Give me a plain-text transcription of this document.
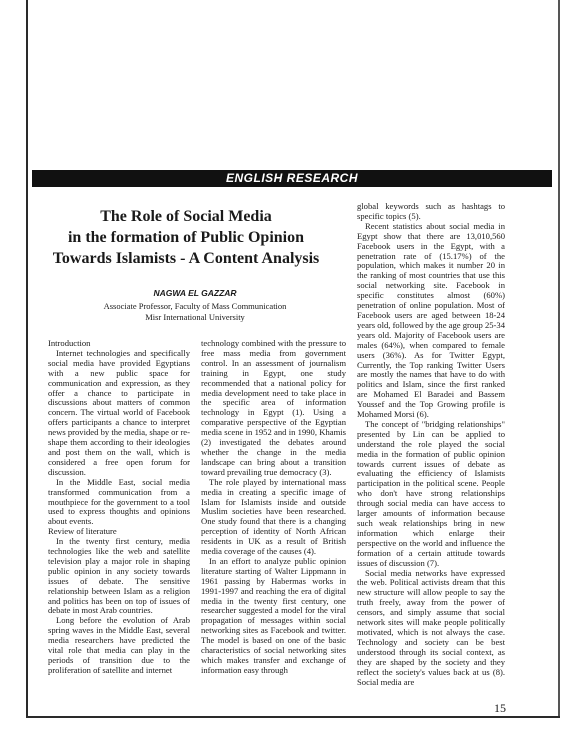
ENGLISH RESEARCH
The Role of Social Media
in the formation of Public Opinion
Towards Islamists - A Content Analysis
NAGWA EL GAZZAR
Associate Professor, Faculty of Mass Communication
Misr International University

Introduction

Internet technologies and specifically social media have provided Egyptians with a new public space for communication and expression, as they offer a chance to participate in discussions about matters of common concern. The virtual world of Facebook offers participants a chance to interpret news provided by the media, shape or re-shape them according to their ideologies and post them on the wall, which is considered a free open forum for discussion.

In the Middle East, social media transformed communication from a mouthpiece for the government to a tool used to express thoughts and opinions about events.

Review of literature

In the twenty first century, media technologies like the web and satellite television play a major role in shaping public opinion in any society towards issues of debate. The sensitive relationship between Islam as a religion and politics has been on top of issues of debate in most Arab countries.

Long before the evolution of Arab spring waves in the Middle East, several media researchers have predicted the vital role that media can play in the periods of transition due to the proliferation of satellite and internet

technology combined with the pressure to free mass media from government control. In an assessment of journalism training in Egypt, one study recommended that a national policy for media development need to take place in the specific area of information technology in Egypt (1). Using a comparative perspective of the Egyptian media scene in 1952 and in 1990, Khamis (2) investigated the debates around whether the change in the media landscape can bring about a transition toward prevailing true democracy (3).

The role played by international mass media in creating a specific image of Islam for Islamists inside and outside Muslim societies have been researched. One study found that there is a changing perception of identity of North African residents in UK as a result of British media coverage of the causes (4).

In an effort to analyze public opinion literature starting of Walter Lippmann in 1961 passing by Habermas works in 1991-1997 and reaching the era of digital media in the twenty first century, one researcher suggested a model for the viral propagation of messages within social networking sites as Facebook and twitter. The model is based on one of the basic characteristics of social networking sites which makes transfer and exchange of information easy through

global keywords such as hashtags to specific topics (5).

Recent statistics about social media in Egypt show that there are 13,010,560 Facebook users in the Egypt, with a penetration rate of (15.17%) of the population, which makes it number 20 in the ranking of most countries that use this social networking site. Facebook in specific constitutes almost (60%) penetration of online population. Most of Facebook users are aged between 18-24 years old, followed by the age group 25-34 years old. Majority of Facebook users are males (64%), when compared to female users (36%). As for Twitter Egypt, Currently, the Top ranking Twitter Users are mostly the names that have to do with politics and Islam, since the first ranked are Mohamed El Baradei and Bassem Youssef and the Top Growing profile is Mohamed Morsi (6).

The concept of "bridging relationships" presented by Lin can be applied to understand the role played the social media in the formation of public opinion towards current issues of debate as evaluating the efficiency of Islamists participation in the political scene. People who don't have strong relationships through social media can have access to larger amounts of information because such weak relationships bring in new information which enlarge their perspective on the world and influence the formation of a certain attitude towards issues of discussion (7).

Social media networks have expressed the web. Political activists dream that this new structure will allow people to say the truth freely, away from the power of censors, and simply assume that social network sites will make people politically motivated, which is not always the case. Technology and society can be best understood through its social context, as they are shaped by the society and they reflect the society's values back at us (8). Social media are

15
